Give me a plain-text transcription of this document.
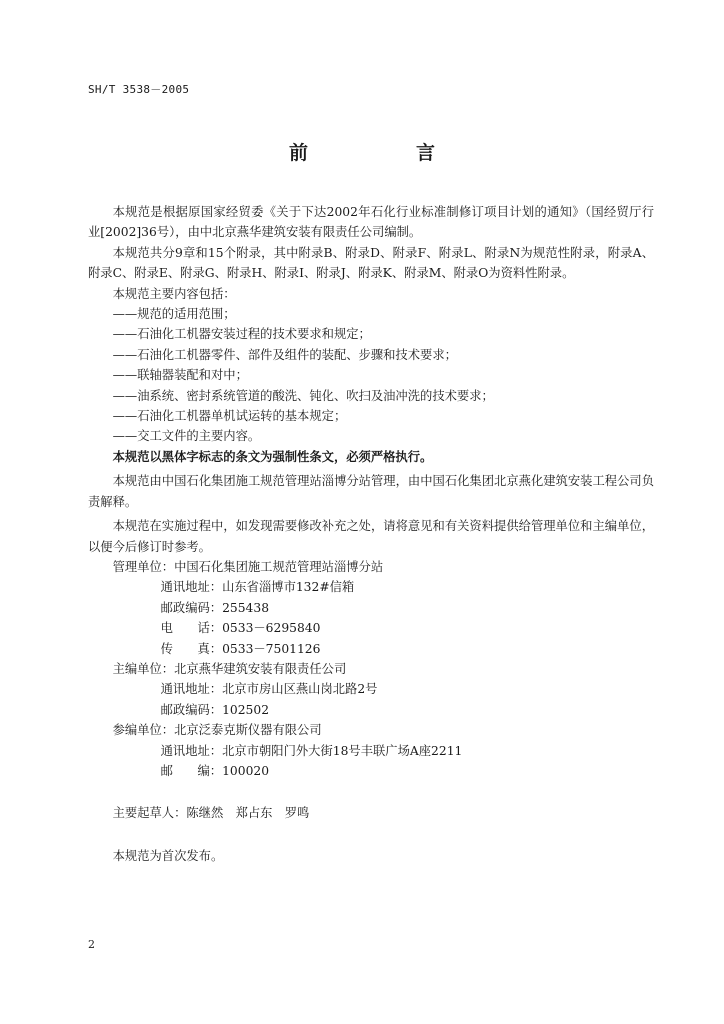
SH/T 3538－2005
前	言

本规范是根据原国家经贸委《关于下达2002年石化行业标准制修订项目计划的通知》（国经贸厅行业[2002]36号），由中北京燕华建筑安装有限责任公司编制。

本规范共分9章和15个附录，其中附录B、附录D、附录F、附录L、附录N为规范性附录，附录A、附录C、附录E、附录G、附录H、附录I、附录J、附录K、附录M、附录O为资料性附录。

本规范主要内容包括：

——规范的适用范围；

——石油化工机器安装过程的技术要求和规定；

——石油化工机器零件、部件及组件的装配、步骤和技术要求；

——联轴器装配和对中；

——油系统、密封系统管道的酸洗、钝化、吹扫及油冲洗的技术要求；

——石油化工机器单机试运转的基本规定；

——交工文件的主要内容。

本规范以黑体字标志的条文为强制性条文，必须严格执行。

本规范由中国石化集团施工规范管理站淄博分站管理，由中国石化集团北京燕化建筑安装工程公司负责解释。

本规范在实施过程中，如发现需要修改补充之处，请将意见和有关资料提供给管理单位和主编单位，以便今后修订时参考。

管理单位：中国石化集团施工规范管理站淄博分站

通讯地址：山东省淄博市132#信箱

邮政编码：255438

电　　话：0533－6295840

传　　真：0533－7501126

主编单位：北京燕华建筑安装有限责任公司

通讯地址：北京市房山区燕山岗北路2号

邮政编码：102502

参编单位：北京泛泰克斯仪器有限公司

通讯地址：北京市朝阳门外大街18号丰联广场A座2211

邮　　编：100020

主要起草人：陈继然　郑占东　罗鸣

本规范为首次发布。

2
